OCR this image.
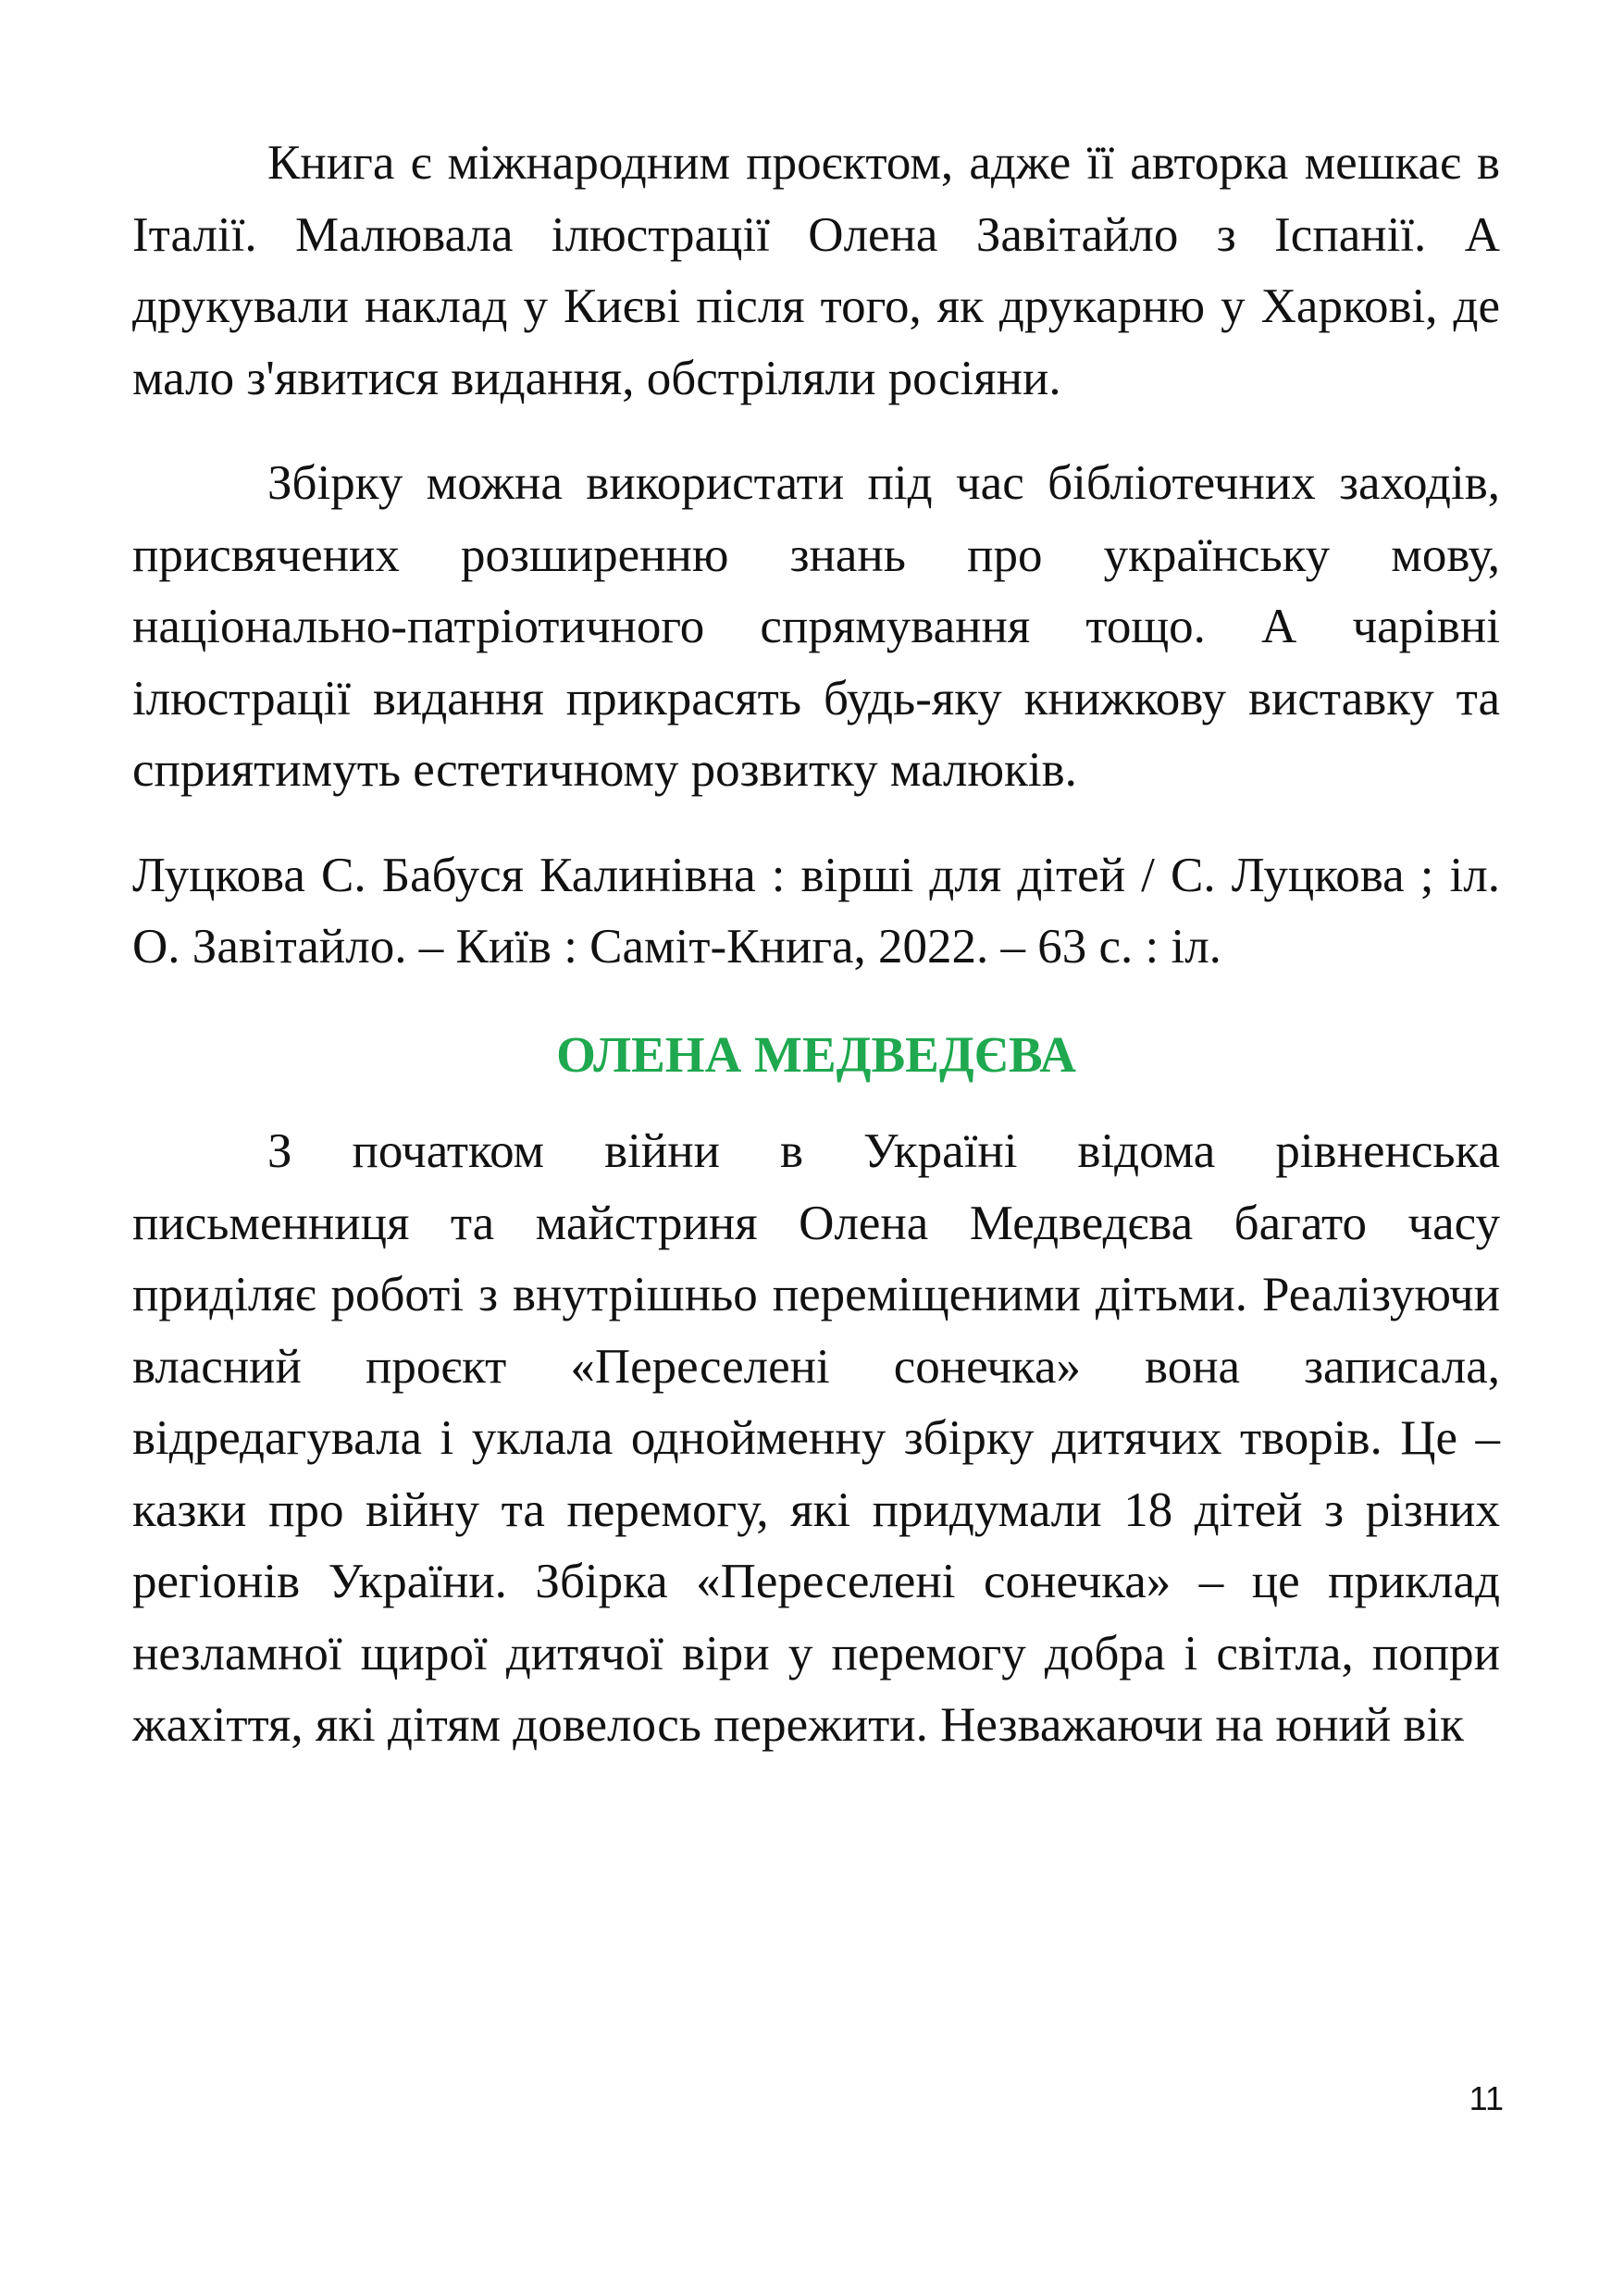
Книга є міжнародним проєктом, адже її авторка мешкає в Італії. Малювала ілюстрації Олена Завітайло з Іспанії. А друкували наклад у Києві після того, як друкарню у Харкові, де мало з'явитися видання, обстріляли росіяни.

Збірку можна використати під час бібліотечних заходів, присвячених розширенню знань про українську мову, національно-патріотичного спрямування тощо. А чарівні ілюстрації видання прикрасять будь-яку книжкову виставку та сприятимуть естетичному розвитку малюків.

Луцкова С. Бабуся Калинівна : вірші для дітей / С. Луцкова ; іл. О. Завітайло. – Київ : Саміт-Книга, 2022. – 63 с. : іл.

ОЛЕНА МЕДВЕДЄВА

З початком війни в Україні відома рівненська письменниця та майстриня Олена Медведєва багато часу приділяє роботі з внутрішньо переміщеними дітьми. Реалізуючи власний проєкт «Переселені сонечка» вона записала, відредагувала і уклала однойменну збірку дитячих творів. Це – казки про війну та перемогу, які придумали 18 дітей з різних регіонів України. Збірка «Переселені сонечка» – це приклад незламної щирої дитячої віри у перемогу добра і світла, попри жахіття, які дітям довелось пережити. Незважаючи на юний вік

11
